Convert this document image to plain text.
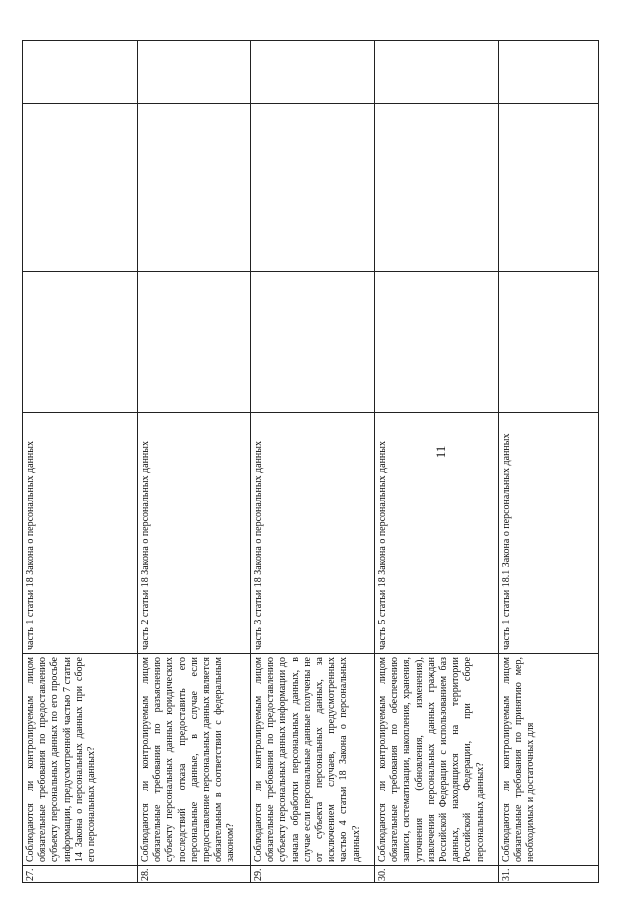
11
27.	Соблюдаются ли контролируемым лицом обязательные требования по предоставлению субъекту персональных данных по его просьбе информации, предусмотренной частью 7 статьи 14 Закона о персональных данных при сборе его персональных данных?	часть 1 статьи 18 Закона о персональных данных			
28.	Соблюдаются ли контролируемым лицом обязательные требования по разъяснению субъекту персональных данных юридических последствий отказа предоставить его персональные данные, в случае если предоставление персональных данных является обязательным в соответствии с федеральным законом?	часть 2 статьи 18 Закона о персональных данных			
29.	Соблюдаются ли контролируемым лицом обязательные требования по предоставлению субъекту персональных данных информации до начала обработки персональных данных, в случае если персональные данные получены не от субъекта персональных данных, за исключением случаев, предусмотренных частью 4 статьи 18 Закона о персональных данных?	часть 3 статьи 18 Закона о персональных данных			
30.	Соблюдаются ли контролируемым лицом обязательные требования по обеспечению записи, систематизации, накопления, хранения, уточнения (обновления, изменения), извлечения персональных данных граждан Российской Федерации с использованием баз данных, находящихся на территории Российской Федерации, при сборе персональных данных?	часть 5 статьи 18 Закона о персональных данных			
31.	Соблюдаются ли контролируемым лицом обязательные требования по принятию мер, необходимых и достаточных для	часть 1 статьи 18.1 Закона о персональных данных			
